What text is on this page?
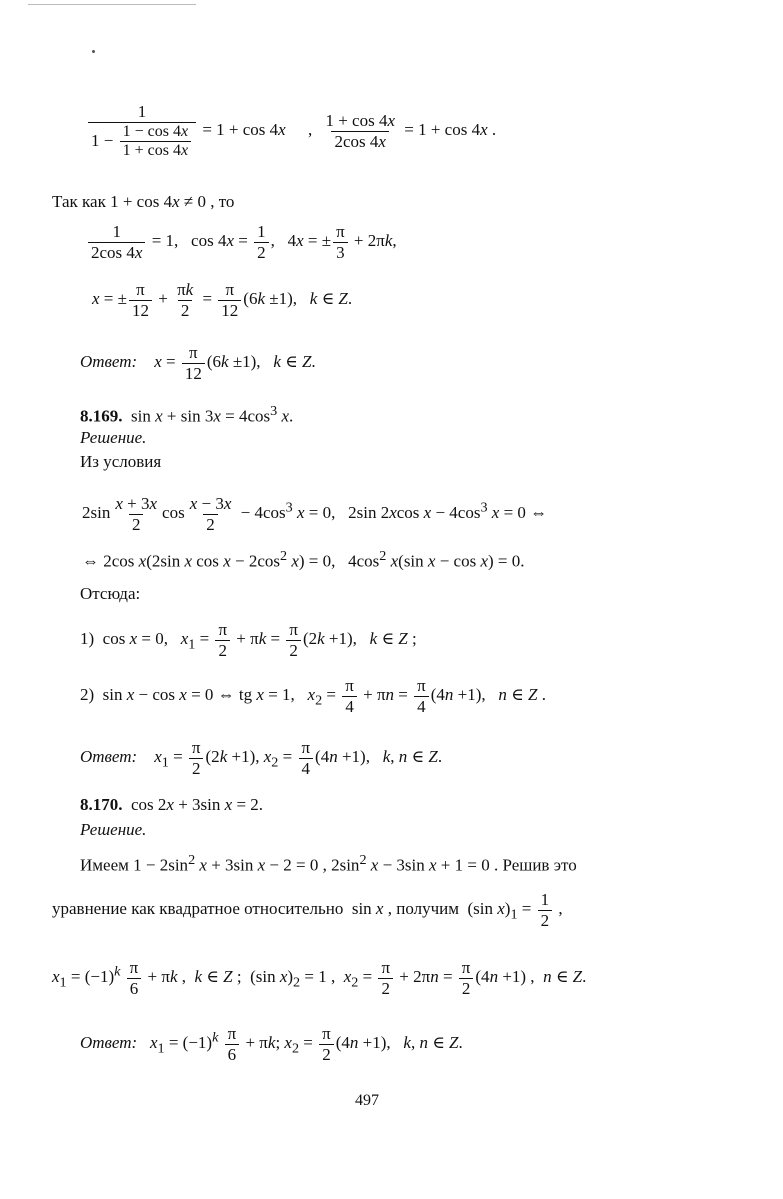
$\frac{1}{1 - \frac{1 - \cos 4x}{1 + \cos 4x}} = 1 + \cos 4x$ , $\frac{1 + \cos 4x}{2\cos 4x} = 1 + \cos 4x$ .
Так как 1 + cos 4x ≠ 0 , то
$\frac{1}{2\cos 4x} = 1$,   $\cos 4x = \frac{1}{2}$ ,   4x = ± $\frac{\pi}{3} + 2\pi k$,
x = ± $\frac{\pi}{12} + \frac{\pi k}{2} = \frac{\pi}{12} (6k \pm 1)$,   k ∈ Z.
Ответ: $x = \frac{\pi}{12} (6k \pm 1)$,   k ∈ Z.
8.169.  $\sin x + \sin 3x = 4\cos^3$ x.
Решение.
Из условия
$2\sin \frac{x + 3x}{2}$ $\cos \frac{x - 3x}{2} - 4\cos^3$ x = 0,   2sin 2xcos $x - 4\cos^3$ x = 0 ⇔
⇔ 2cos x(2sin x $\cos x - 2\cos^2$ x) = 0,   $4\cos^2$ x(sin x − cos x) = 0.
Отсюда:
1)  cos x = 0,   $x_1 = \frac{\pi}{2} + \pi k = \frac{\pi}{2} (2k +1)$,   k ∈ Z ;
2)  sin x − cos x = 0 ⇔ tg x = 1,   $x_2 = \frac{\pi}{4} + \pi n = \frac{\pi}{4} (4n +1)$,   n ∈ Z .
Ответ: $x_1 = \frac{\pi}{2} (2k +1)$, $x_2 = \frac{\pi}{4} (4n +1)$,   k, n ∈ Z.
8.170.  cos 2x + 3sin x = 2.
Решение.
Имеем $1 - 2\sin^2$ x + 3sin x − 2 = 0 , $2\sin^2$ x − 3sin x + 1 = 0 . Решив это
уравнение как квадратное относительно  sin x , получим  (sin $x)_1 = \frac{1}{2}$ ,
$x_1 = (-1)^k \frac{\pi}{6} + \pi k$ ,  k ∈ Z ;  (sin $x)_2 = 1$ ,  $x_2 = \frac{\pi}{2} + 2\pi n = \frac{\pi}{2} (4n +1)$ ,  n ∈ Z.
Ответ: $x_1 = (-1)^k \frac{\pi}{6} + \pi k$; $x_2 = \frac{\pi}{2} (4n +1)$,   k, n ∈ Z.
497
